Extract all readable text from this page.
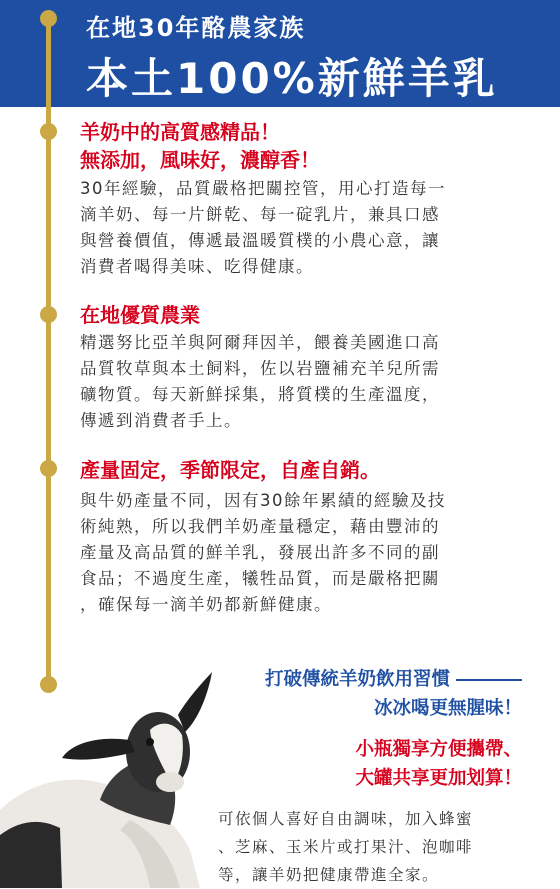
在地30年酪農家族
本土100%新鮮羊乳
羊奶中的高質感精品！
無添加，風味好，濃醇香！
30年經驗，品質嚴格把關控管，用心打造每一
滴羊奶、每一片餅乾、每一碇乳片，兼具口感
與營養價值，傳遞最溫暖質樸的小農心意，讓
消費者喝得美味、吃得健康。
在地優質農業
精選努比亞羊與阿爾拜因羊，餵養美國進口高
品質牧草與本土飼料，佐以岩鹽補充羊兒所需
礦物質。每天新鮮採集，將質樸的生產溫度，
傳遞到消費者手上。
產量固定，季節限定，自產自銷。
與牛奶產量不同，因有30餘年累績的經驗及技
術純熟，所以我們羊奶產量穩定，藉由豐沛的
產量及高品質的鮮羊乳，發展出許多不同的副
食品；不過度生產，犧牲品質，而是嚴格把關
，確保每一滴羊奶都新鮮健康。
打破傳統羊奶飲用習慣
冰冰喝更無腥味！
小瓶獨享方便攜帶、
大罐共享更加划算！
可依個人喜好自由調味，加入蜂蜜
、芝麻、玉米片或打果汁、泡咖啡
等，讓羊奶把健康帶進全家。
